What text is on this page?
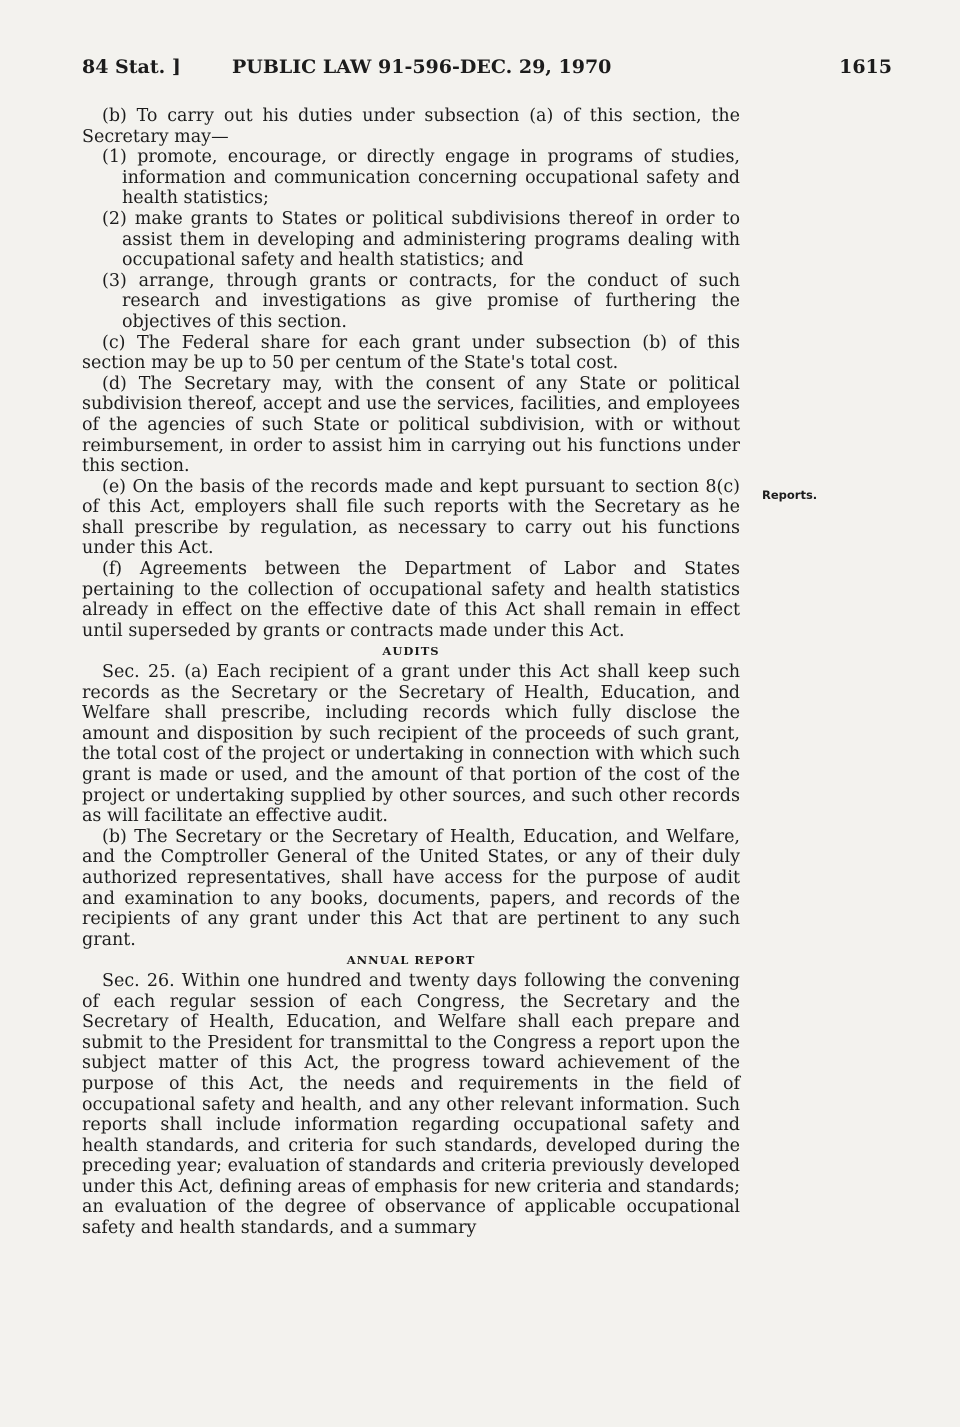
84 Stat. ]	PUBLIC LAW 91-596-DEC. 29, 1970	1615
Reports.

(b) To carry out his duties under subsection (a) of this section, the Secretary may—

(1) promote, encourage, or directly engage in programs of studies, information and communication concerning occupational safety and health statistics;

(2) make grants to States or political subdivisions thereof in order to assist them in developing and administering programs dealing with occupational safety and health statistics; and

(3) arrange, through grants or contracts, for the conduct of such research and investigations as give promise of furthering the objectives of this section.

(c) The Federal share for each grant under subsection (b) of this section may be up to 50 per centum of the State's total cost.

(d) The Secretary may, with the consent of any State or political subdivision thereof, accept and use the services, facilities, and employees of the agencies of such State or political subdivision, with or without reimbursement, in order to assist him in carrying out his functions under this section.

(e) On the basis of the records made and kept pursuant to section 8(c) of this Act, employers shall file such reports with the Secretary as he shall prescribe by regulation, as necessary to carry out his functions under this Act.

(f) Agreements between the Department of Labor and States pertaining to the collection of occupational safety and health statistics already in effect on the effective date of this Act shall remain in effect until superseded by grants or contracts made under this Act.

AUDITS

Sec. 25. (a) Each recipient of a grant under this Act shall keep such records as the Secretary or the Secretary of Health, Education, and Welfare shall prescribe, including records which fully disclose the amount and disposition by such recipient of the proceeds of such grant, the total cost of the project or undertaking in connection with which such grant is made or used, and the amount of that portion of the cost of the project or undertaking supplied by other sources, and such other records as will facilitate an effective audit.

(b) The Secretary or the Secretary of Health, Education, and Welfare, and the Comptroller General of the United States, or any of their duly authorized representatives, shall have access for the purpose of audit and examination to any books, documents, papers, and records of the recipients of any grant under this Act that are pertinent to any such grant.

ANNUAL REPORT

Sec. 26. Within one hundred and twenty days following the convening of each regular session of each Congress, the Secretary and the Secretary of Health, Education, and Welfare shall each prepare and submit to the President for transmittal to the Congress a report upon the subject matter of this Act, the progress toward achievement of the purpose of this Act, the needs and requirements in the field of occupational safety and health, and any other relevant information. Such reports shall include information regarding occupational safety and health standards, and criteria for such standards, developed during the preceding year; evaluation of standards and criteria previously developed under this Act, defining areas of emphasis for new criteria and standards; an evaluation of the degree of observance of applicable occupational safety and health standards, and a summary
